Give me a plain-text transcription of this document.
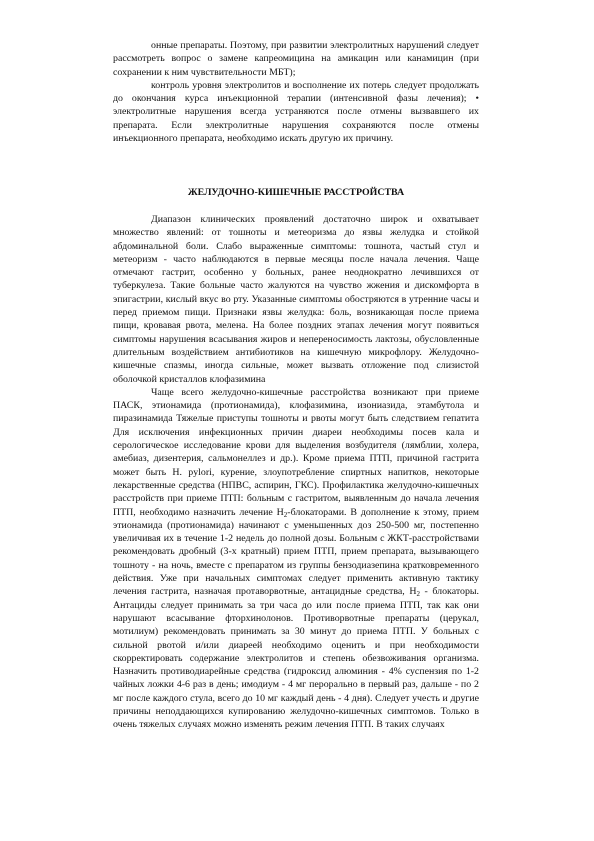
онные препараты. Поэтому, при развитии электролитных нарушений следует рассмотреть вопрос о замене капреомицина на амикацин или канамицин (при сохранении к ним чувствительности МБТ);

контроль уровня электролитов и восполнение их потерь следует продолжать до окончания курса инъекционной терапии (интенсивной фазы лечения); • электролитные нарушения всегда устраняются после отмены вызвавшего их препарата. Если электролитные нарушения сохраняются после отмены инъекционного препарата, необходимо искать другую их причину.

ЖЕЛУДОЧНО-КИШЕЧНЫЕ РАССТРОЙСТВА

Диапазон клинических проявлений достаточно широк и охватывает множество явлений: от тошноты и метеоризма до язвы желудка и стойкой абдоминальной боли. Слабо выраженные симптомы: тошнота, частый стул и метеоризм - часто наблюдаются в первые месяцы после начала лечения. Чаще отмечают гастрит, особенно у больных, ранее неоднократно лечившихся от туберкулеза. Такие больные часто жалуются на чувство жжения и дискомфорта в эпигастрии, кислый вкус во рту. Указанные симптомы обостряются в утренние часы и перед приемом пищи. Признаки язвы желудка: боль, возникающая после приема пищи, кровавая рвота, мелена. На более поздних этапах лечения могут появиться симптомы нарушения всасывания жиров и непереносимость лактозы, обусловленные длительным воздействием антибиотиков на кишечную микрофлору. Желудочно-кишечные спазмы, иногда сильные, может вызвать отложение под слизистой оболочкой кристаллов клофазимина

Чаще всего желудочно-кишечные расстройства возникают при приеме ПАСК, этионамида (протионамида), клофазимина, изониазида, этамбутола и пиразинамида Тяжелые приступы тошноты и рвоты могут быть следствием гепатита Для исключения инфекционных причин диареи необходимы посев кала и серологическое исследование крови для выделения возбудителя (лямблии, холера, амебиаз, дизентерия, сальмонеллез и др.). Кроме приема ПТП, причиной гастрита может быть H. pylori, курение, злоупотребление спиртных напитков, некоторые лекарственные средства (НПВС, аспирин, ГКС). Профилактика желудочно-кишечных расстройств при приеме ПТП: больным с гастритом, выявленным до начала лечения ПТП, необходимо назначить лечение $H_2$-блокаторами. В дополнение к этому, прием этионамида (протионамида) начинают с уменьшенных доз 250-500 мг, постепенно увеличивая их в течение 1-2 недель до полной дозы. Больным с ЖКТ-расстройствами рекомендовать дробный (3-х кратный) прием ПТП, прием препарата, вызывающего тошноту - на ночь, вместе с препаратом из группы бензодиазепина кратковременного действия. Уже при начальных симптомах следует применить активную тактику лечения гастрита, назначая протаворвотные, антацидные средства, $H_2$ - блокаторы. Антациды следует принимать за три часа до или после приема ПТП, так как они нарушают всасывание фторхинолонов. Противорвотные препараты (церукал, мотилиум) рекомендовать принимать за 30 минут до приема ПТП. У больных с сильной рвотой и/или диареей необходимо оценить и при необходимости скорректировать содержание электролитов и степень обезвоживания организма. Назначить противодиарейные средства (гидроксид алюминия - 4% суспензия по 1-2 чайных ложки 4-6 раз в день; имодиум - 4 мг перорально в первый раз, дальше - по 2 мг после каждого стула, всего до 10 мг каждый день - 4 дня). Следует учесть и другие причины неподдающихся купированию желудочно-кишечных симптомов. Только в очень тяжелых случаях можно изменять режим лечения ПТП. В таких случаях
